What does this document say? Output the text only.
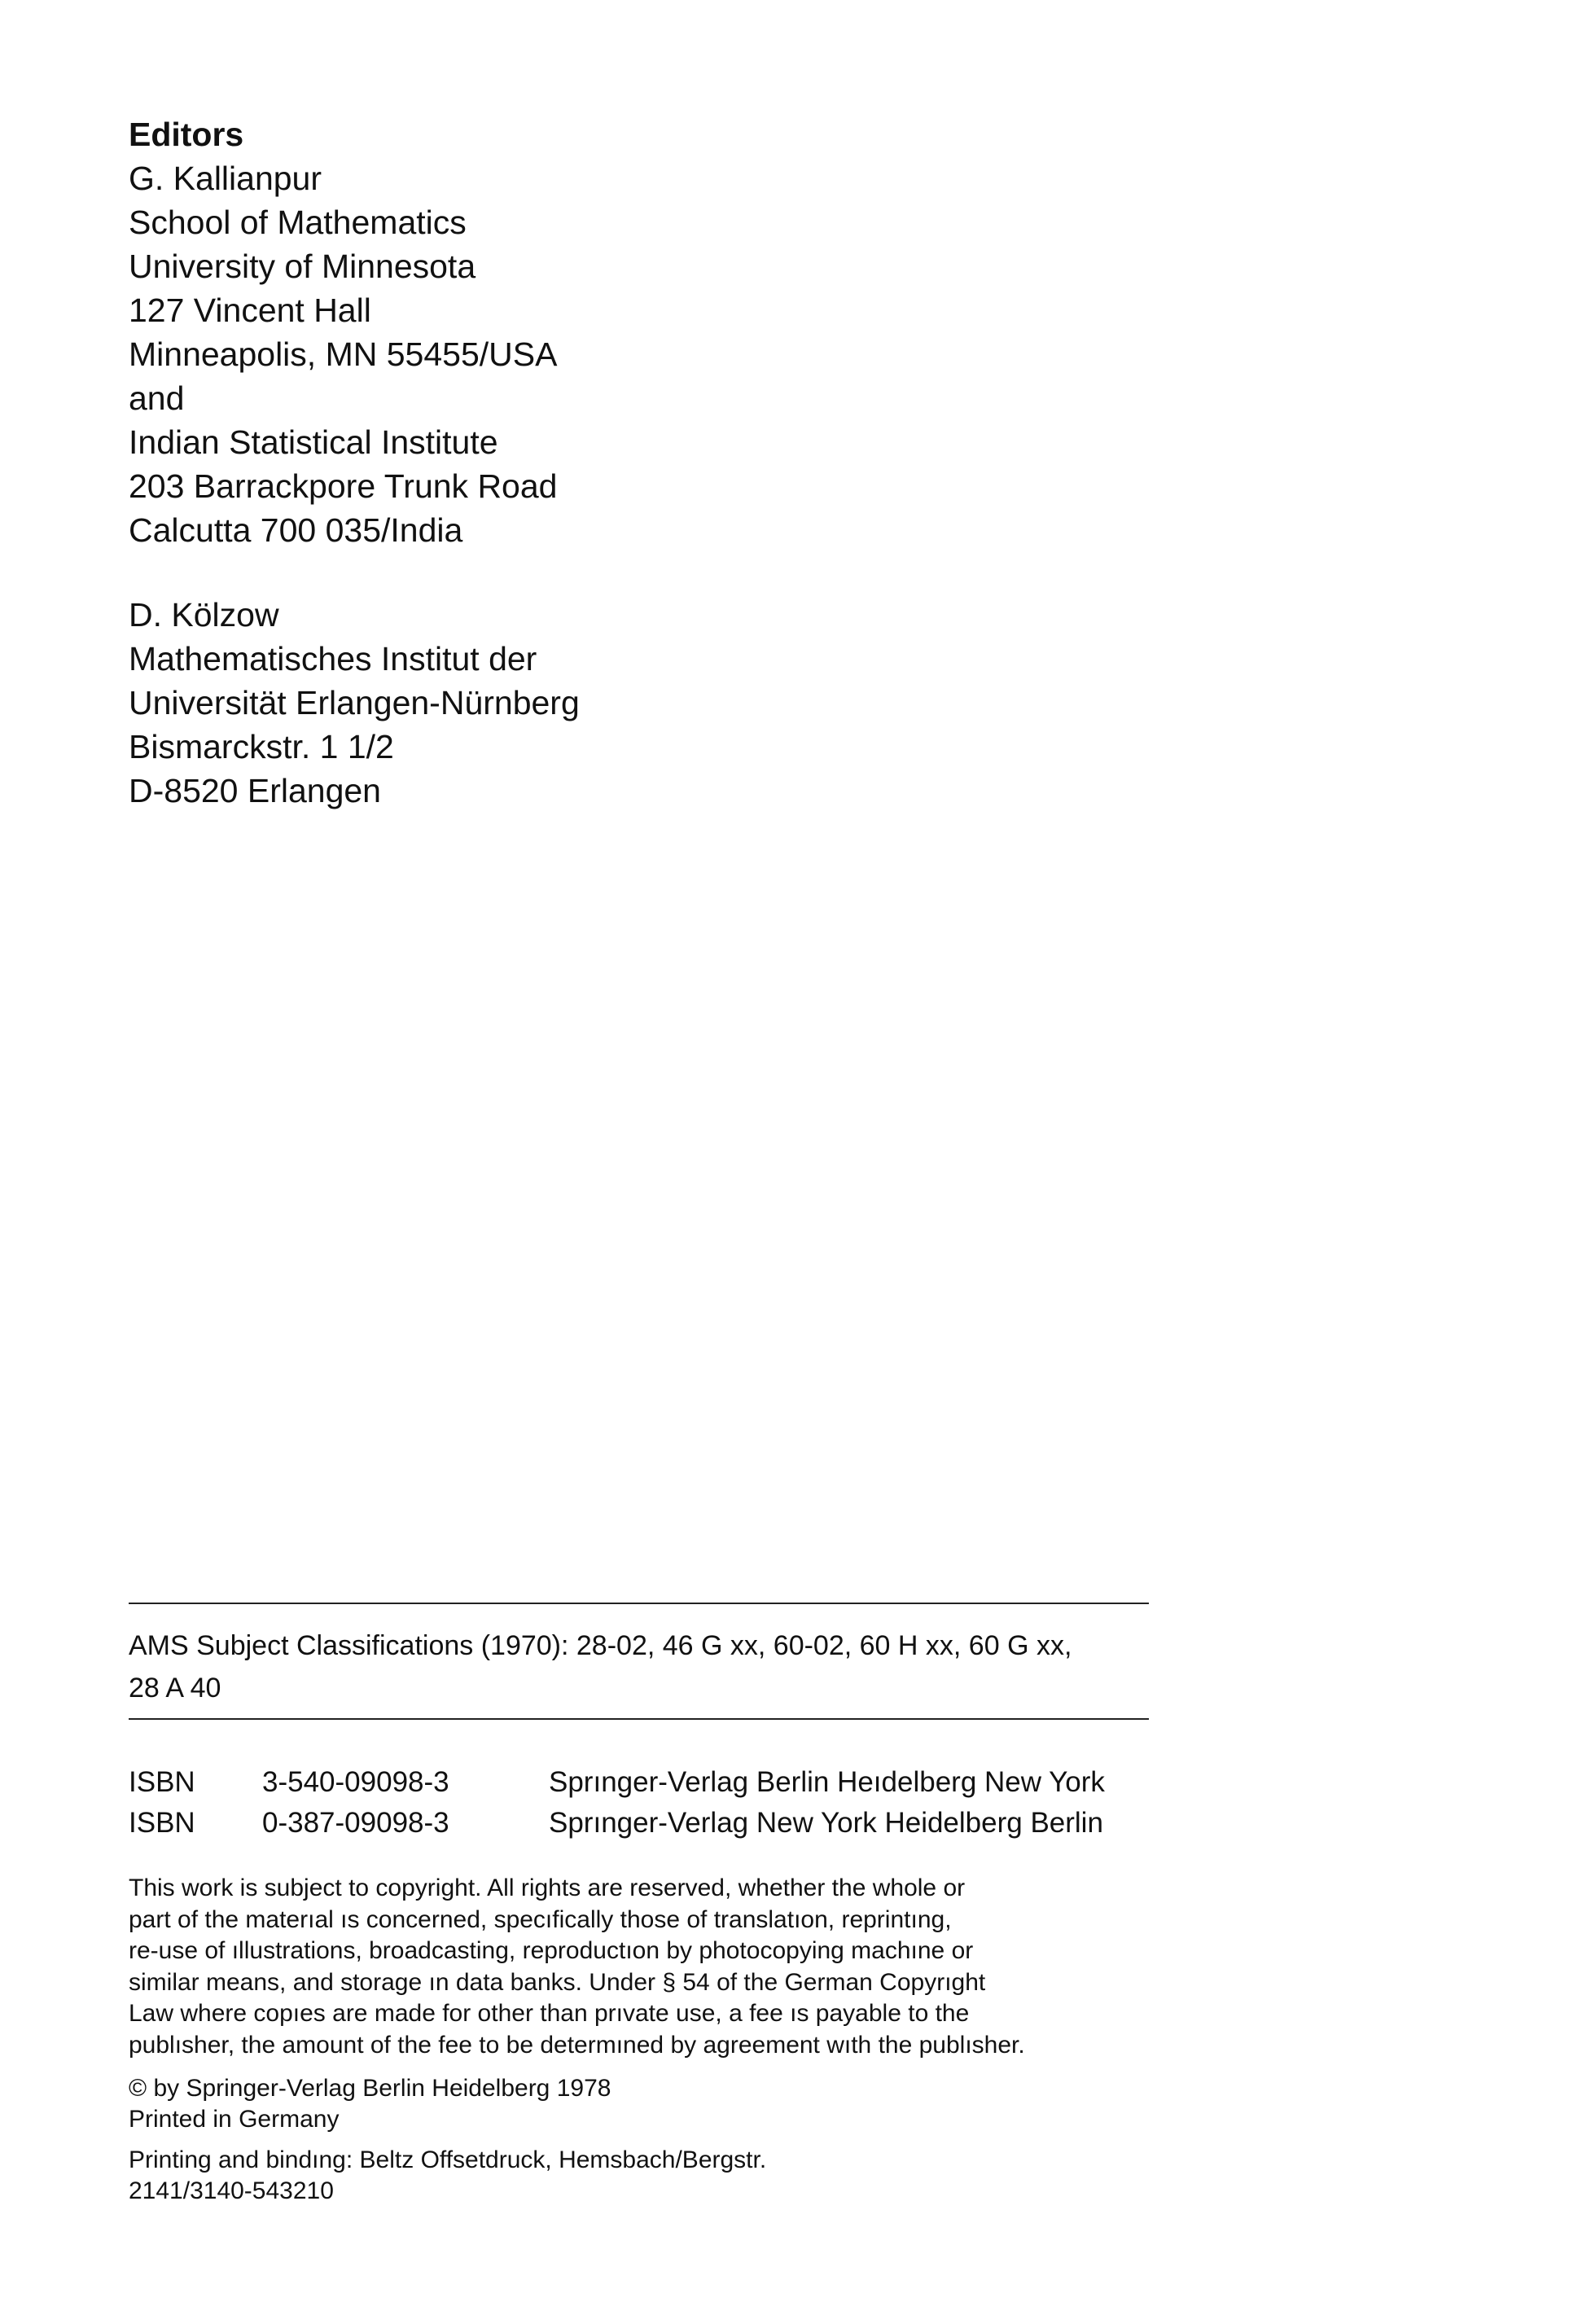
Editors

G. Kallianpur
School of Mathematics
University of Minnesota
127 Vincent Hall
Minneapolis, MN 55455/USA
and
Indian Statistical Institute
203 Barrackpore Trunk Road
Calcutta 700 035/India
D. Kölzow
Mathematisches Institut der
Universität Erlangen-Nürnberg
Bismarckstr. 1 1/2
D-8520 Erlangen
AMS Subject Classifications (1970): 28-02, 46 G xx, 60-02, 60 H xx, 60 G xx,
28 A 40
ISBN 3-540-09098-3	Sprınger-Verlag Berlin Heıdelberg New York
ISBN 0-387-09098-3	Sprınger-Verlag New York Heidelberg Berlin
This work is subject to copyright. All rights are reserved, whether the whole or
part of the materıal ıs concerned, specıfically those of translatıon, reprintıng,
re-use of ıllustrations, broadcasting, reproductıon by photocopying machıne or
similar means, and storage ın data banks. Under § 54 of the German Copyrıght
Law where copıes are made for other than prıvate use, a fee ıs payable to the
publısher, the amount of the fee to be determıned by agreement wıth the publısher.
© by Springer-Verlag Berlin Heidelberg 1978
Printed in Germany
Printing and bindıng: Beltz Offsetdruck, Hemsbach/Bergstr.
2141/3140-543210
